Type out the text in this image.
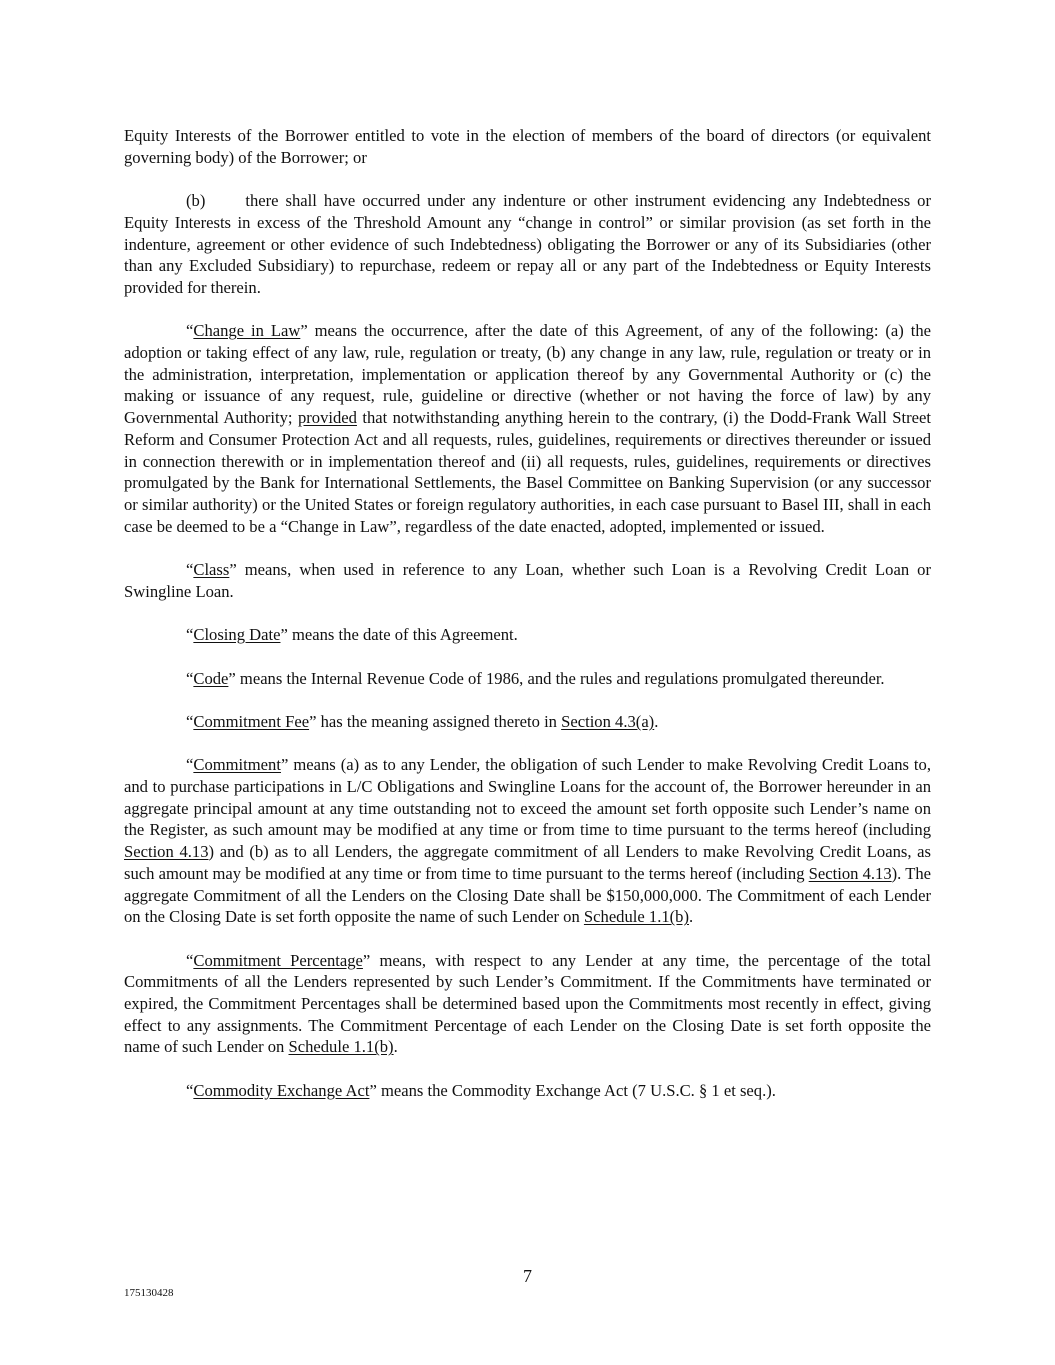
Equity Interests of the Borrower entitled to vote in the election of members of the board of directors (or equivalent governing body) of the Borrower; or

(b) there shall have occurred under any indenture or other instrument evidencing any Indebtedness or Equity Interests in excess of the Threshold Amount any “change in control” or similar provision (as set forth in the indenture, agreement or other evidence of such Indebtedness) obligating the Borrower or any of its Subsidiaries (other than any Excluded Subsidiary) to repurchase, redeem or repay all or any part of the Indebtedness or Equity Interests provided for therein.

“Change in Law” means the occurrence, after the date of this Agreement, of any of the following: (a) the adoption or taking effect of any law, rule, regulation or treaty, (b) any change in any law, rule, regulation or treaty or in the administration, interpretation, implementation or application thereof by any Governmental Authority or (c) the making or issuance of any request, rule, guideline or directive (whether or not having the force of law) by any Governmental Authority; provided that notwithstanding anything herein to the contrary, (i) the Dodd-Frank Wall Street Reform and Consumer Protection Act and all requests, rules, guidelines, requirements or directives thereunder or issued in connection therewith or in implementation thereof and (ii) all requests, rules, guidelines, requirements or directives promulgated by the Bank for International Settlements, the Basel Committee on Banking Supervision (or any successor or similar authority) or the United States or foreign regulatory authorities, in each case pursuant to Basel III, shall in each case be deemed to be a “Change in Law”, regardless of the date enacted, adopted, implemented or issued.

“Class” means, when used in reference to any Loan, whether such Loan is a Revolving Credit Loan or Swingline Loan.

“Closing Date” means the date of this Agreement.

“Code” means the Internal Revenue Code of 1986, and the rules and regulations promulgated thereunder.

“Commitment Fee” has the meaning assigned thereto in Section 4.3(a).

“Commitment” means (a) as to any Lender, the obligation of such Lender to make Revolving Credit Loans to, and to purchase participations in L/C Obligations and Swingline Loans for the account of, the Borrower hereunder in an aggregate principal amount at any time outstanding not to exceed the amount set forth opposite such Lender’s name on the Register, as such amount may be modified at any time or from time to time pursuant to the terms hereof (including Section 4.13) and (b) as to all Lenders, the aggregate commitment of all Lenders to make Revolving Credit Loans, as such amount may be modified at any time or from time to time pursuant to the terms hereof (including Section 4.13). The aggregate Commitment of all the Lenders on the Closing Date shall be $150,000,000. The Commitment of each Lender on the Closing Date is set forth opposite the name of such Lender on Schedule 1.1(b).

“Commitment Percentage” means, with respect to any Lender at any time, the percentage of the total Commitments of all the Lenders represented by such Lender’s Commitment. If the Commitments have terminated or expired, the Commitment Percentages shall be determined based upon the Commitments most recently in effect, giving effect to any assignments. The Commitment Percentage of each Lender on the Closing Date is set forth opposite the name of such Lender on Schedule 1.1(b).

“Commodity Exchange Act” means the Commodity Exchange Act (7 U.S.C. § 1 et seq.).

7
175130428
